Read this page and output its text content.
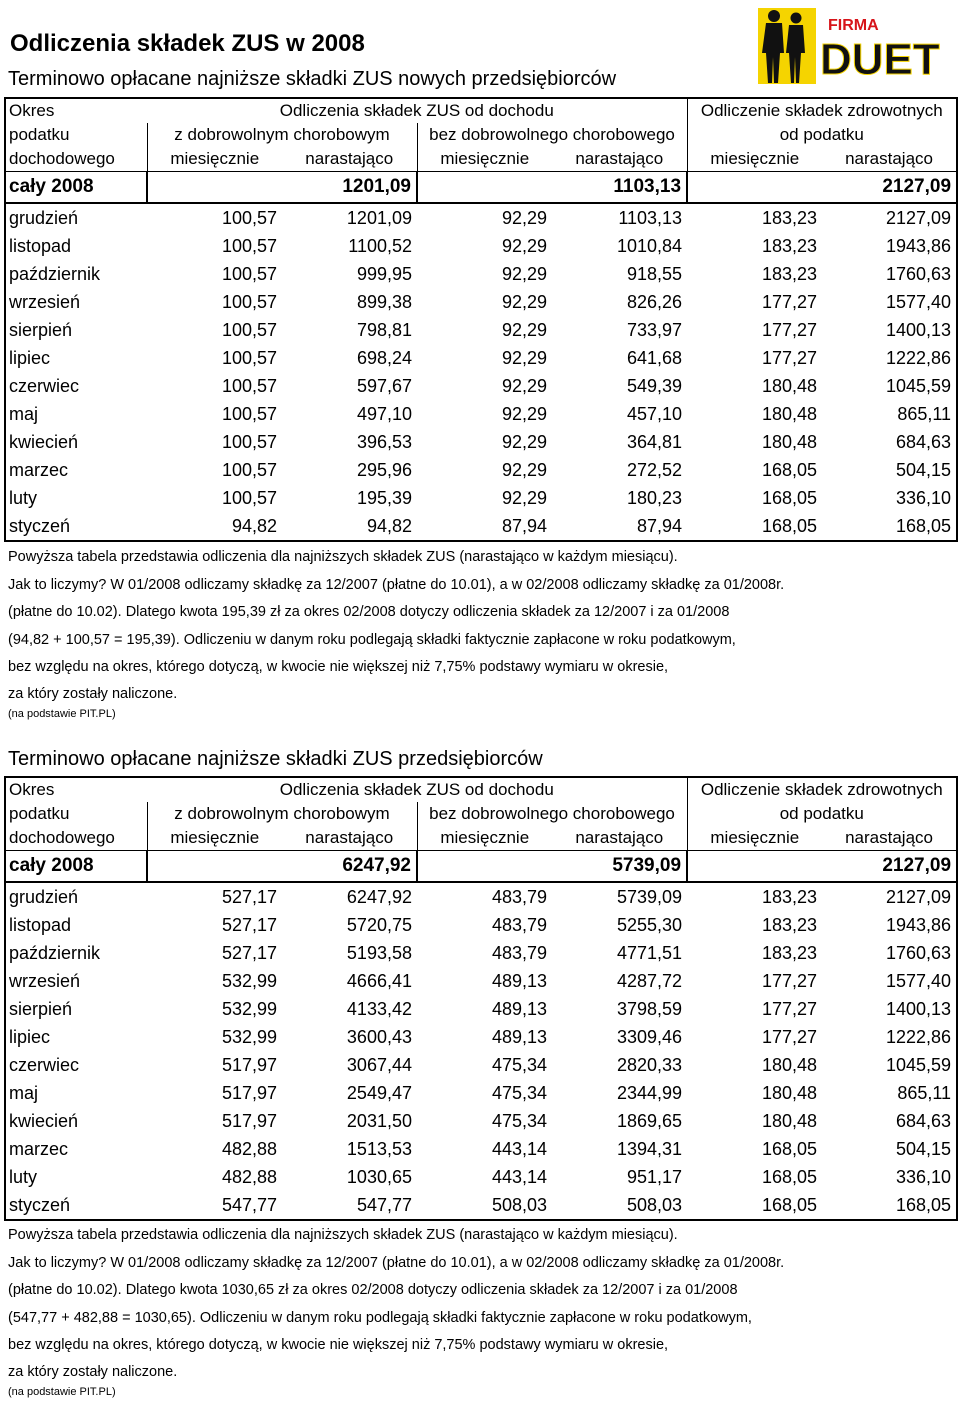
Odliczenia składek ZUS w 2008
FIRMA
DUET
Terminowo opłacane najniższe składki ZUS nowych przedsiębiorców
Okres	Odliczenia składek ZUS od dochodu				Odliczenie składek zdrowotnych	
podatku	z dobrowolnym chorobowym		bez dobrowolnego chorobowego		od podatku	
dochodowego	miesięcznie	narastająco	miesięcznie	narastająco	miesięcznie	narastająco
cały 2008	1201,09		1103,13		2127,09	
grudzień	100,57	1201,09	92,29	1103,13	183,23	2127,09
listopad	100,57	1100,52	92,29	1010,84	183,23	1943,86
październik	100,57	999,95	92,29	918,55	183,23	1760,63
wrzesień	100,57	899,38	92,29	826,26	177,27	1577,40
sierpień	100,57	798,81	92,29	733,97	177,27	1400,13
lipiec	100,57	698,24	92,29	641,68	177,27	1222,86
czerwiec	100,57	597,67	92,29	549,39	180,48	1045,59
maj	100,57	497,10	92,29	457,10	180,48	865,11
kwiecień	100,57	396,53	92,29	364,81	180,48	684,63
marzec	100,57	295,96	92,29	272,52	168,05	504,15
luty	100,57	195,39	92,29	180,23	168,05	336,10
styczeń	94,82	94,82	87,94	87,94	168,05	168,05
Powyższa tabela przedstawia odliczenia dla najniższych składek ZUS (narastająco w każdym miesiącu).
Jak to liczymy? W 01/2008 odliczamy składkę za 12/2007 (płatne do 10.01), a w 02/2008 odliczamy składkę za 01/2008r.
(płatne do 10.02). Dlatego kwota 195,39 zł za okres 02/2008 dotyczy odliczenia składek za 12/2007 i za 01/2008
(94,82 + 100,57 = 195,39). Odliczeniu w danym roku podlegają składki faktycznie zapłacone w roku podatkowym,
bez względu na okres, którego dotyczą, w kwocie nie większej niż 7,75% podstawy wymiaru w okresie,
za który zostały naliczone.
(na podstawie PIT.PL)
Terminowo opłacane najniższe składki ZUS przedsiębiorców
Okres	Odliczenia składek ZUS od dochodu				Odliczenie składek zdrowotnych	
podatku	z dobrowolnym chorobowym		bez dobrowolnego chorobowego		od podatku	
dochodowego	miesięcznie	narastająco	miesięcznie	narastająco	miesięcznie	narastająco
cały 2008	6247,92		5739,09		2127,09	
grudzień	527,17	6247,92	483,79	5739,09	183,23	2127,09
listopad	527,17	5720,75	483,79	5255,30	183,23	1943,86
październik	527,17	5193,58	483,79	4771,51	183,23	1760,63
wrzesień	532,99	4666,41	489,13	4287,72	177,27	1577,40
sierpień	532,99	4133,42	489,13	3798,59	177,27	1400,13
lipiec	532,99	3600,43	489,13	3309,46	177,27	1222,86
czerwiec	517,97	3067,44	475,34	2820,33	180,48	1045,59
maj	517,97	2549,47	475,34	2344,99	180,48	865,11
kwiecień	517,97	2031,50	475,34	1869,65	180,48	684,63
marzec	482,88	1513,53	443,14	1394,31	168,05	504,15
luty	482,88	1030,65	443,14	951,17	168,05	336,10
styczeń	547,77	547,77	508,03	508,03	168,05	168,05
Powyższa tabela przedstawia odliczenia dla najniższych składek ZUS (narastająco w każdym miesiącu).
Jak to liczymy? W 01/2008 odliczamy składkę za 12/2007 (płatne do 10.01), a w 02/2008 odliczamy składkę za 01/2008r.
(płatne do 10.02). Dlatego kwota 1030,65 zł za okres 02/2008 dotyczy odliczenia składek za 12/2007 i za 01/2008
(547,77 + 482,88 = 1030,65). Odliczeniu w danym roku podlegają składki faktycznie zapłacone w roku podatkowym,
bez względu na okres, którego dotyczą, w kwocie nie większej niż 7,75% podstawy wymiaru w okresie,
za który zostały naliczone.
(na podstawie PIT.PL)
